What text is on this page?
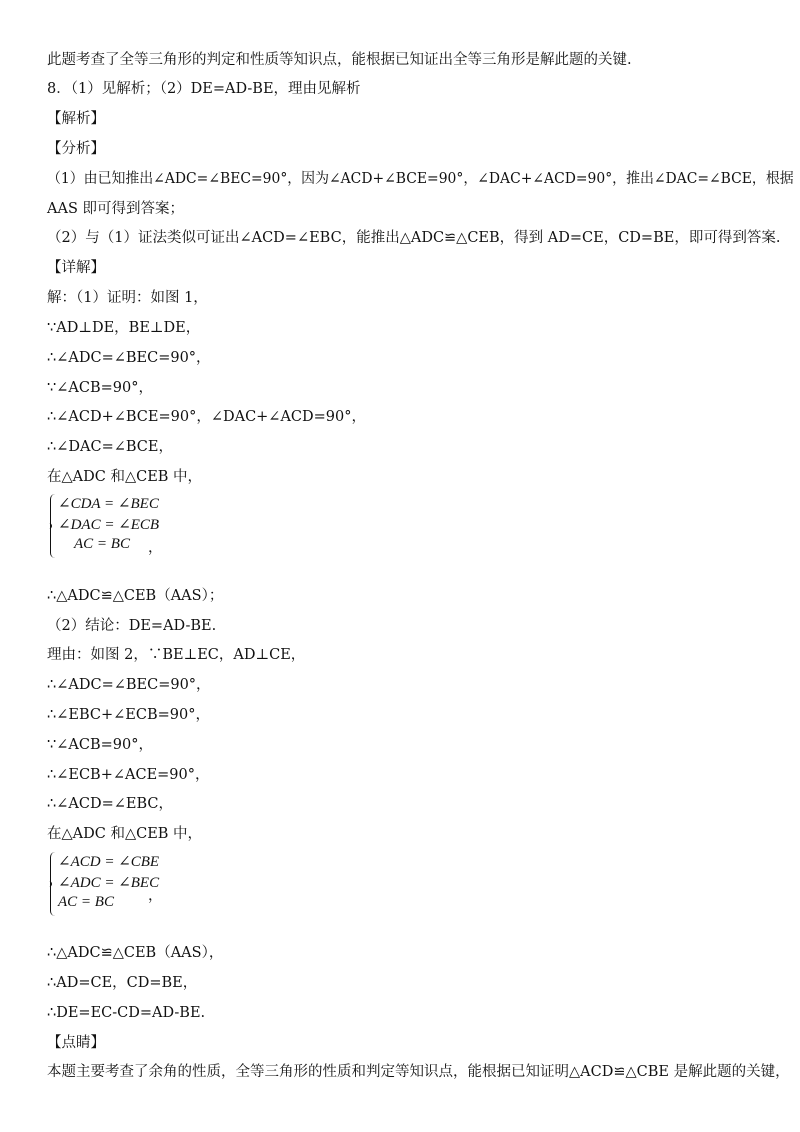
此题考查了全等三角形的判定和性质等知识点，能根据已知证出全等三角形是解此题的关键.
8．（1）见解析；（2）DE=AD-BE，理由见解析
【解析】
【分析】
（1）由已知推出∠ADC=∠BEC=90°，因为∠ACD+∠BCE=90°，∠DAC+∠ACD=90°，推出∠DAC=∠BCE，根据
AAS 即可得到答案；
（2）与（1）证法类似可证出∠ACD=∠EBC，能推出△ADC≌△CEB，得到 AD=CE，CD=BE，即可得到答案.
【详解】
解：（1）证明：如图 1，
∵AD⊥DE，BE⊥DE，
∴∠ADC=∠BEC=90°，
∵∠ACB=90°，
∴∠ACD+∠BCE=90°，∠DAC+∠ACD=90°，
∴∠DAC=∠BCE，
在△ADC 和△CEB 中，
∠CDA = ∠BEC
∠DAC = ∠ECB
AC = BC ，
∴△ADC≌△CEB（AAS）；
（2）结论：DE=AD-BE.
理由：如图 2，∵BE⊥EC，AD⊥CE，
∴∠ADC=∠BEC=90°，
∴∠EBC+∠ECB=90°，
∵∠ACB=90°，
∴∠ECB+∠ACE=90°，
∴∠ACD=∠EBC，
在△ADC 和△CEB 中，
∠ACD = ∠CBE
∠ADC = ∠BEC
AC = BC ，
∴△ADC≌△CEB（AAS），
∴AD=CE，CD=BE，
∴DE=EC-CD=AD-BE.
【点睛】
本题主要考查了余角的性质，全等三角形的性质和判定等知识点，能根据已知证明△ACD≌△CBE 是解此题的关键，
